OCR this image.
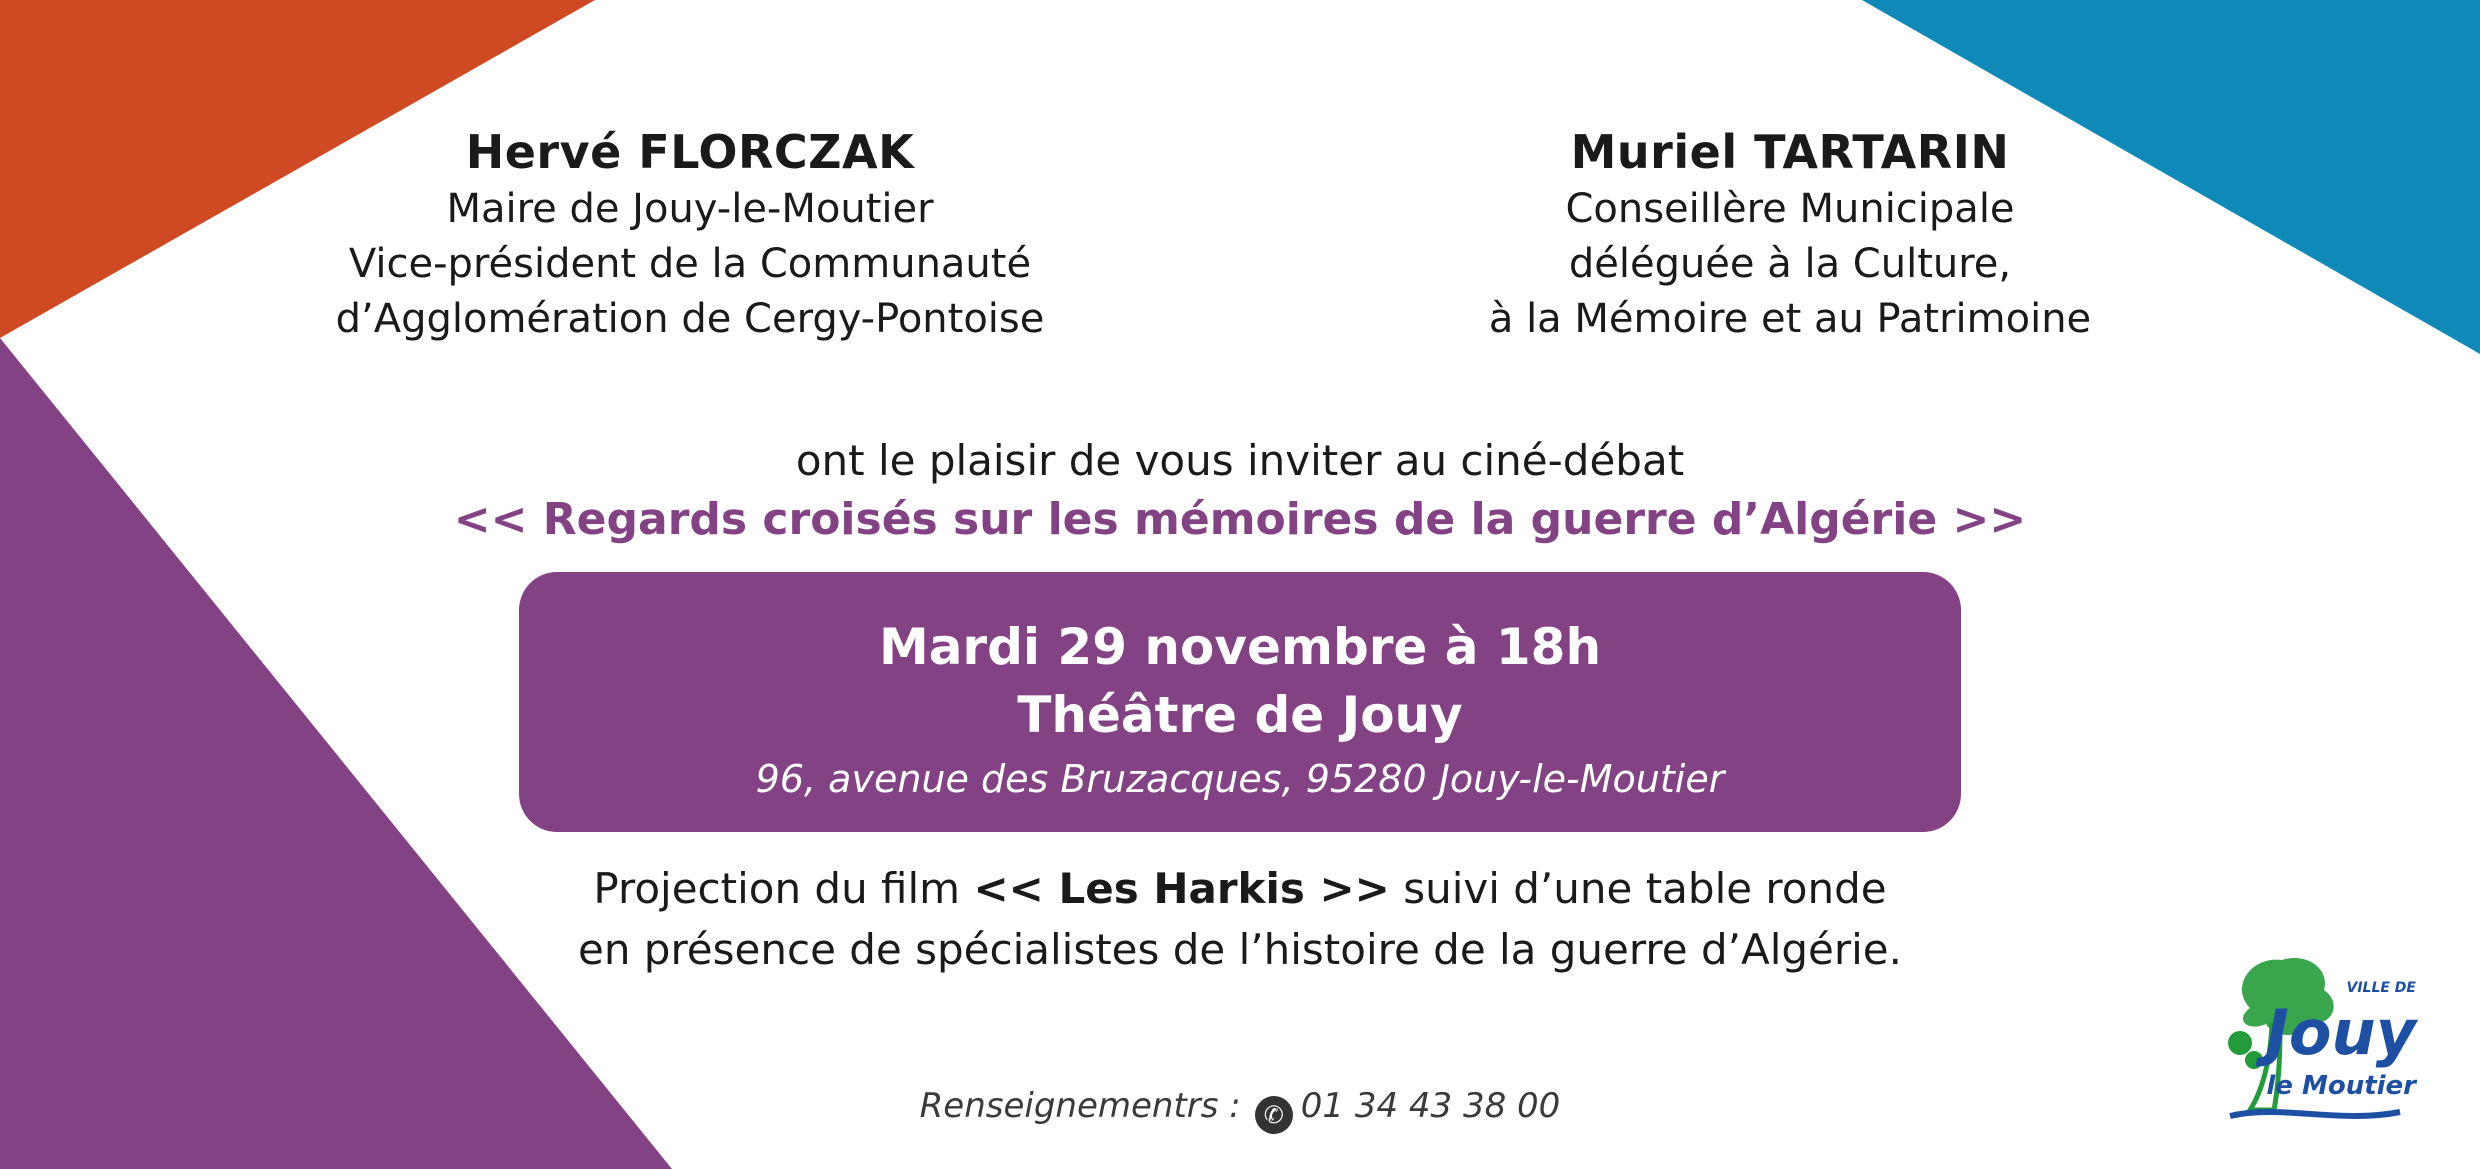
Hervé FLORCZAK
Maire de Jouy-le-Moutier
Vice-président de la Communauté
d’Agglomération de Cergy-Pontoise
Muriel TARTARIN
Conseillère Municipale
déléguée à la Culture,
à la Mémoire et au Patrimoine
ont le plaisir de vous inviter au ciné-débat
<< Regards croisés sur les mémoires de la guerre d’Algérie >>
Mardi 29 novembre à 18h
Théâtre de Jouy
96, avenue des Bruzacques, 95280 Jouy-le-Moutier
Projection du film << Les Harkis >> suivi d’une table ronde
en présence de spécialistes de l’histoire de la guerre d’Algérie.
Renseignementrs : ✆ 01 34 43 38 00
VILLE DE
Jouy
le Moutier
